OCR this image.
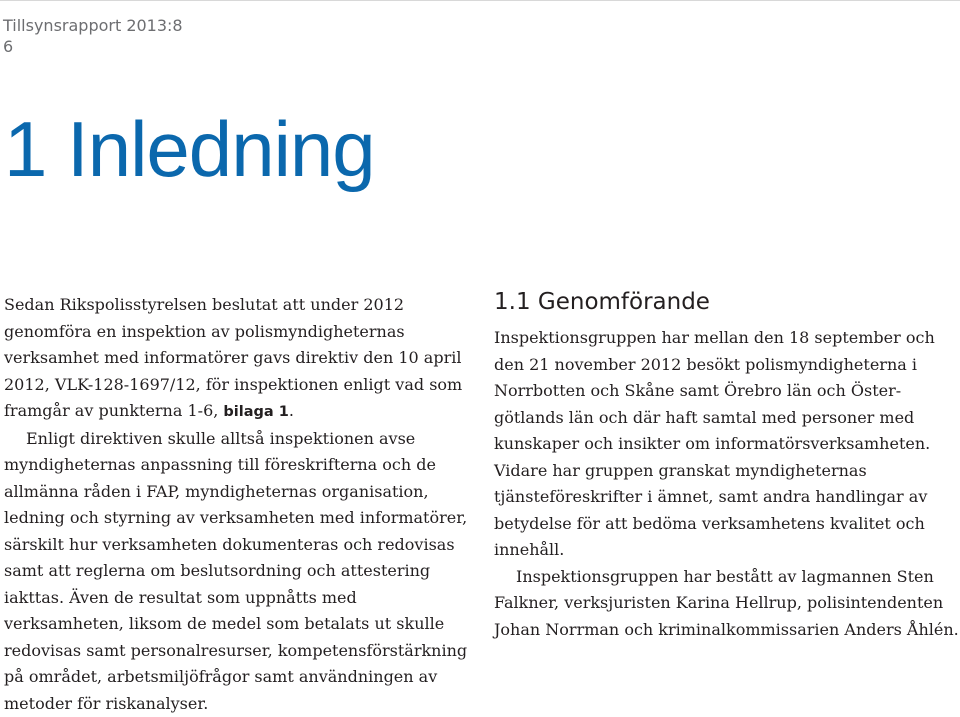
Tillsynsrapport 2013:8
6
1 Inledning

Sedan Rikspolisstyrelsen beslutat att under 2012 genomföra en inspektion av polismyndigheternas verksamhet med informatörer gavs direktiv den 10 april 2012, VLK-128-1697/12, för inspektionen enligt vad som framgår av punkterna 1-6, bilaga 1.

Enligt direktiven skulle alltså inspektionen avse myndigheternas anpassning till föreskrifterna och de allmänna råden i FAP, myndigheternas organisation, ledning och styrning av verksamheten med informatörer, särskilt hur verksamheten dokumenteras och redovisas samt att reglerna om beslutsordning och attestering iakttas. Även de resultat som uppnåtts med verksamheten, liksom de medel som betalats ut skulle redovisas samt personalresurser, kompetensförstärkning på området, arbetsmiljöfrågor samt användningen av metoder för riskanalyser.

1.1 Genomförande

Inspektionsgruppen har mellan den 18 september och den 21 november 2012 besökt polismyndigheterna i Norrbotten och Skåne samt Örebro län och Östergötlands län och där haft samtal med personer med kunskaper och insikter om informatörsverksamheten. Vidare har gruppen granskat myndigheternas tjänsteföreskrifter i ämnet, samt andra handlingar av betydelse för att bedöma verksamhetens kvalitet och innehåll.

Inspektionsgruppen har bestått av lagmannen Sten Falkner, verksjuristen Karina Hellrup, polisintendenten Johan Norrman och kriminalkommissarien Anders Åhlén.
